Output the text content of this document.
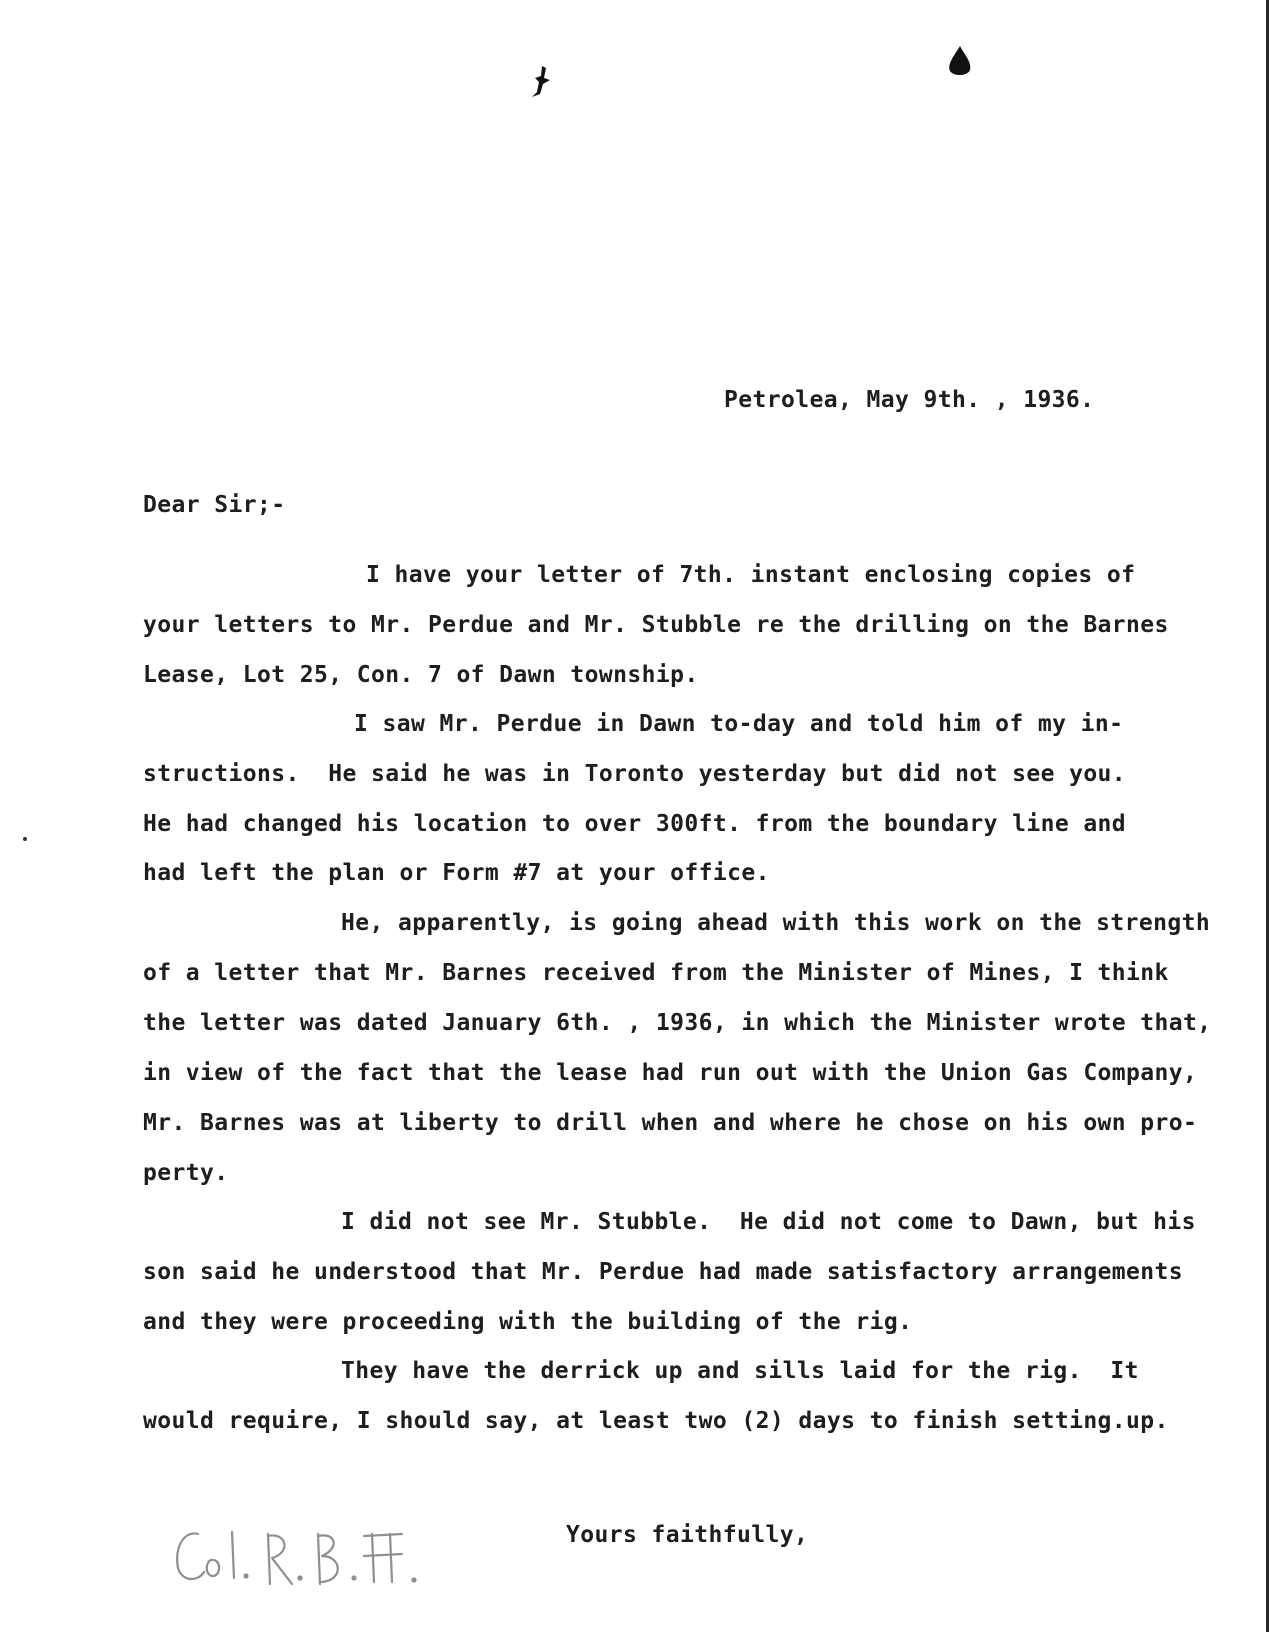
Petrolea, May 9th. , 1936.
Dear Sir;-
I have your letter of 7th. instant enclosing copies of
your letters to Mr. Perdue and Mr. Stubble re the drilling on the Barnes
Lease, Lot 25, Con. 7 of Dawn township.
I saw Mr. Perdue in Dawn to-day and told him of my in-
structions.  He said he was in Toronto yesterday but did not see you.
He had changed his location to over 300ft. from the boundary line and
had left the plan or Form #7 at your office.
He, apparently, is going ahead with this work on the strength
of a letter that Mr. Barnes received from the Minister of Mines, I think
the letter was dated January 6th. , 1936, in which the Minister wrote that,
in view of the fact that the lease had run out with the Union Gas Company,
Mr. Barnes was at liberty to drill when and where he chose on his own pro-
perty.
I did not see Mr. Stubble.  He did not come to Dawn, but his
son said he understood that Mr. Perdue had made satisfactory arrangements
and they were proceeding with the building of the rig.
They have the derrick up and sills laid for the rig.  It
would require, I should say, at least two (2) days to finish setting.up.
Yours faithfully,
